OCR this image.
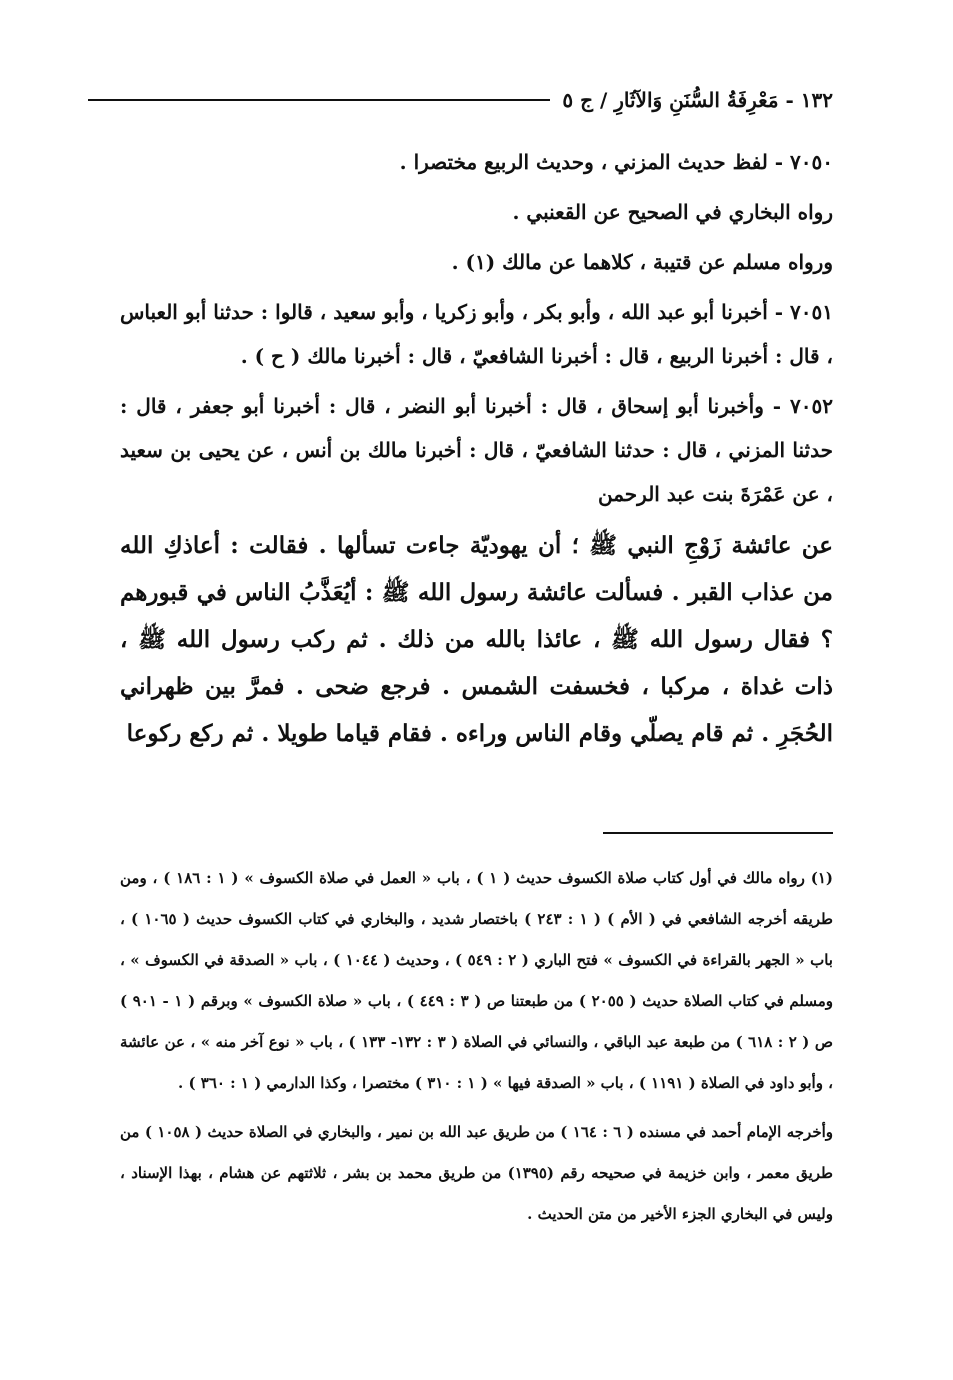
١٣٢ - مَعْرِفَةُ السُّنَنِ وَالآثَارِ / ج ٥

٧٠٥٠ - لفظ حديث المزني ، وحديث الربيع مختصرا .

رواه البخاري في الصحيح عن القعنبي .

ورواه مسلم عن قتيبة ، كلاهما عن مالك (١) .

٧٠٥١ - أخبرنا أبو عبد الله ، وأبو بكر ، وأبو زكريا ، وأبو سعيد ، قالوا : حدثنا أبو العباس ، قال : أخبرنا الربيع ، قال : أخبرنا الشافعيّ ، قال : أخبرنا مالك ( ح ) .

٧٠٥٢ - وأخبرنا أبو إسحاق ، قال : أخبرنا أبو النضر ، قال : أخبرنا أبو جعفر ، قال : حدثنا المزني ، قال : حدثنا الشافعيّ ، قال : أخبرنا مالك بن أنس ، عن يحيى بن سعيد ، عن عَمْرَةَ بنت عبد الرحمن

عن عائشة زَوْجِ النبي ﷺ ؛ أن يهوديّة جاءت تسألها . فقالت : أعاذكِ الله من عذاب القبر . فسألت عائشة رسول الله ﷺ : أيُعَذَّبُ الناس في قبورهم ؟ فقال رسول الله ﷺ ، عائذا بالله من ذلك . ثم ركب رسول الله ﷺ ، ذات غداة ، مركبا ، فخسفت الشمس . فرجع ضحى . فمرَّ بين ظهراني الحُجَرِ . ثم قام يصلّي وقام الناس وراءه . فقام قياما طويلا . ثم ركع ركوعا

(١) رواه مالك في أول كتاب صلاة الكسوف حديث ( ١ ) ، باب « العمل في صلاة الكسوف » ( ١ : ١٨٦ ) ، ومن طريقه أخرجه الشافعي في ( الأم ) ( ١ : ٢٤٣ ) باختصار شديد ، والبخاري في كتاب الكسوف حديث ( ١٠٦٥ ) ، باب « الجهر بالقراءة في الكسوف » فتح الباري ( ٢ : ٥٤٩ ) ، وحديث ( ١٠٤٤ ) ، باب « الصدقة في الكسوف » ، ومسلم في كتاب الصلاة حديث ( ٢٠٥٥ ) من طبعتنا ص ( ٣ : ٤٤٩ ) ، باب « صلاة الكسوف » وبرقم ( ١ - ٩٠١ ) ص ( ٢ : ٦١٨ ) من طبعة عبد الباقي ، والنسائي في الصلاة ( ٣ : ١٣٢- ١٣٣ ) ، باب « نوع آخر منه » ، عن عائشة ، وأبو داود في الصلاة ( ١١٩١ ) ، باب « الصدقة فيها » ( ١ : ٣١٠ ) مختصرا ، وكذا الدارمي ( ١ : ٣٦٠ ) .

وأخرجه الإمام أحمد في مسنده ( ٦ : ١٦٤ ) من طريق عبد الله بن نمير ، والبخاري في الصلاة حديث ( ١٠٥٨ ) من طريق معمر ، وابن خزيمة في صحيحه رقم (١٣٩٥) من طريق محمد بن بشر ، ثلاثتهم عن هشام ، بهذا الإسناد ، وليس في البخاري الجزء الأخير من متن الحديث .
